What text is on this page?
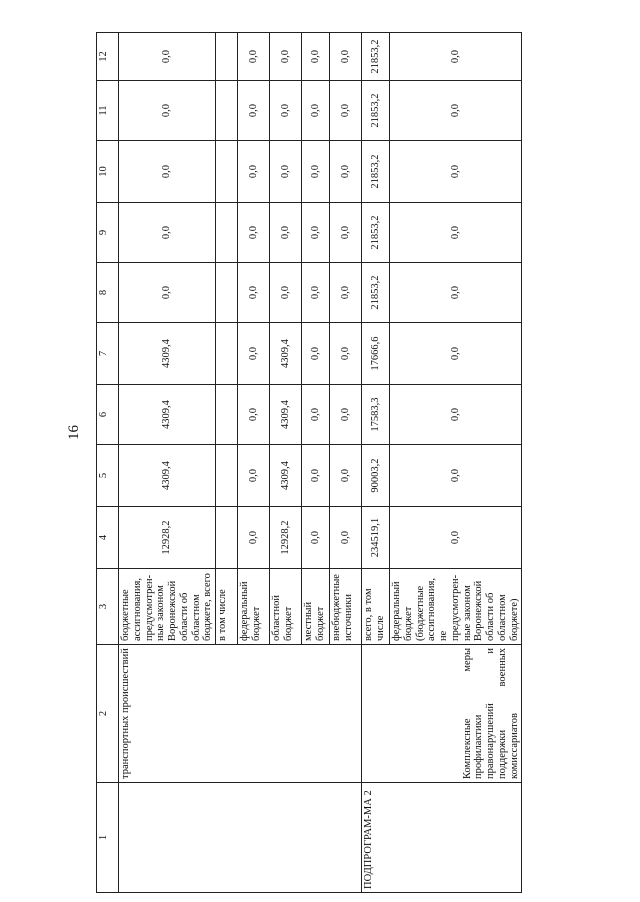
16
1	2	3	4	5	6	7	8	9	10	11	12
	транспортных происшествий	бюджетные ассигнования, предусмотрен-ные законом Воронежской области об областном бюджете, всего	12928,2	4309,4	4309,4	4309,4	0,0	0,0	0,0	0,0	0,0
		в том числе									
		федеральный бюджет	0,0	0,0	0,0	0,0	0,0	0,0	0,0	0,0	0,0
		областной бюджет	12928,2	4309,4	4309,4	4309,4	0,0	0,0	0,0	0,0	0,0
		местный бюджет	0,0	0,0	0,0	0,0	0,0	0,0	0,0	0,0	0,0
		внебюджетные источники	0,0	0,0	0,0	0,0	0,0	0,0	0,0	0,0	0,0
ПОДПРОГРАМ-МА 2	Комплексные меры профилактики правонарушений и поддержки военных комиссариатов	всего, в том числе	234519,1	90003,2	17583,3	17666,6	21853,2	21853,2	21853,2	21853,2	21853,2
		федеральный бюджет (бюджетные ассигнования, не предусмотрен-ные законом Воронежской области об областном бюджете)	0,0	0,0	0,0	0,0	0,0	0,0	0,0	0,0	0,0
